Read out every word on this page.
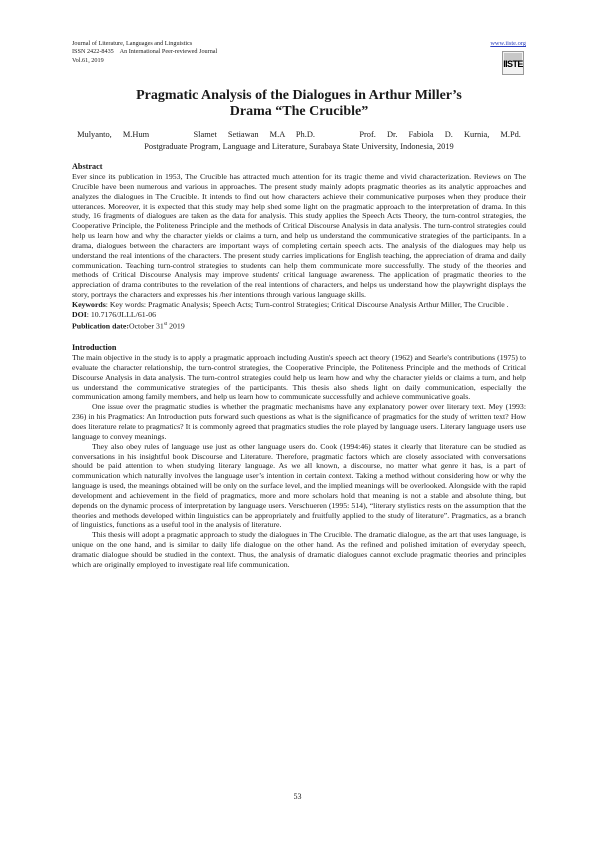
Journal of Literature, Languages and Linguistics
ISSN 2422-8435    An International Peer-reviewed Journal
Vol.61, 2019
www.iiste.org
IISTE
Pragmatic Analysis of the Dialogues in Arthur Miller’s
Drama “The Crucible”
Mulyanto, M.Hum    Slamet Setiawan M.A Ph.D.    Prof. Dr. Fabiola D. Kurnia, M.Pd.
Postgraduate Program, Language and Literature, Surabaya State University, Indonesia, 2019
Abstract

Ever since its publication in 1953, The Crucible has attracted much attention for its tragic theme and vivid characterization. Reviews on The Crucible have been numerous and various in approaches. The present study mainly adopts pragmatic theories as its analytic approaches and analyzes the dialogues in The Crucible. It intends to find out how characters achieve their communicative purposes when they produce their utterances. Moreover, it is expected that this study may help shed some light on the pragmatic approach to the interpretation of drama. In this study, 16 fragments of dialogues are taken as the data for analysis. This study applies the Speech Acts Theory, the turn-control strategies, the Cooperative Principle, the Politeness Principle and the methods of Critical Discourse Analysis in data analysis. The turn-control strategies could help us learn how and why the character yields or claims a turn, and help us understand the communicative strategies of the participants. In a drama, dialogues between the characters are important ways of completing certain speech acts. The analysis of the dialogues may help us understand the real intentions of the characters. The present study carries implications for English teaching, the appreciation of drama and daily communication. Teaching turn-control strategies to students can help them communicate more successfully. The study of the theories and methods of Critical Discourse Analysis may improve students' critical language awareness. The application of pragmatic theories to the appreciation of drama contributes to the revelation of the real intentions of characters, and helps us understand how the playwright displays the story, portrays the characters and expresses his /her intentions through various language skills.

Keywords: Key words: Pragmatic Analysis; Speech Acts; Turn-control Strategies; Critical Discourse Analysis Arthur Miller, The Crucible .
DOI: 10.7176/JLLL/61-06
Publication date:October 31st 2019
Introduction

The main objective in the study is to apply a pragmatic approach including Austin's speech act theory (1962) and Searle's contributions (1975) to evaluate the character relationship, the turn-control strategies, the Cooperative Principle, the Politeness Principle and the methods of Critical Discourse Analysis in data analysis. The turn-control strategies could help us learn how and why the character yields or claims a turn, and help us understand the communicative strategies of the participants. This thesis also sheds light on daily communication, especially the communication among family members, and help us learn how to communicate successfully and achieve communicative goals.

One issue over the pragmatic studies is whether the pragmatic mechanisms have any explanatory power over literary text. Mey (1993: 236) in his Pragmatics: An Introduction puts forward such questions as what is the significance of pragmatics for the study of written text? How does literature relate to pragmatics? It is commonly agreed that pragmatics studies the role played by language users. Literary language users use language to convey meanings.

They also obey rules of language use just as other language users do. Cook (1994:46) states it clearly that literature can be studied as conversations in his insightful book Discourse and Literature. Therefore, pragmatic factors which are closely associated with conversations should be paid attention to when studying literary language. As we all known, a discourse, no matter what genre it has, is a part of communication which naturally involves the language user’s intention in certain context. Taking a method without considering how or why the language is used, the meanings obtained will be only on the surface level, and the implied meanings will be overlooked. Alongside with the rapid development and achievement in the field of pragmatics, more and more scholars hold that meaning is not a stable and absolute thing, but depends on the dynamic process of interpretation by language users. Verschueren (1995: 514), “literary stylistics rests on the assumption that the theories and methods developed within linguistics can be appropriately and fruitfully applied to the study of literature”. Pragmatics, as a branch of linguistics, functions as a useful tool in the analysis of literature.

This thesis will adopt a pragmatic approach to study the dialogues in The Crucible. The dramatic dialogue, as the art that uses language, is unique on the one hand, and is similar to daily life dialogue on the other hand. As the refined and polished imitation of everyday speech, dramatic dialogue should be studied in the context. Thus, the analysis of dramatic dialogues cannot exclude pragmatic theories and principles which are originally employed to investigate real life communication.

53
